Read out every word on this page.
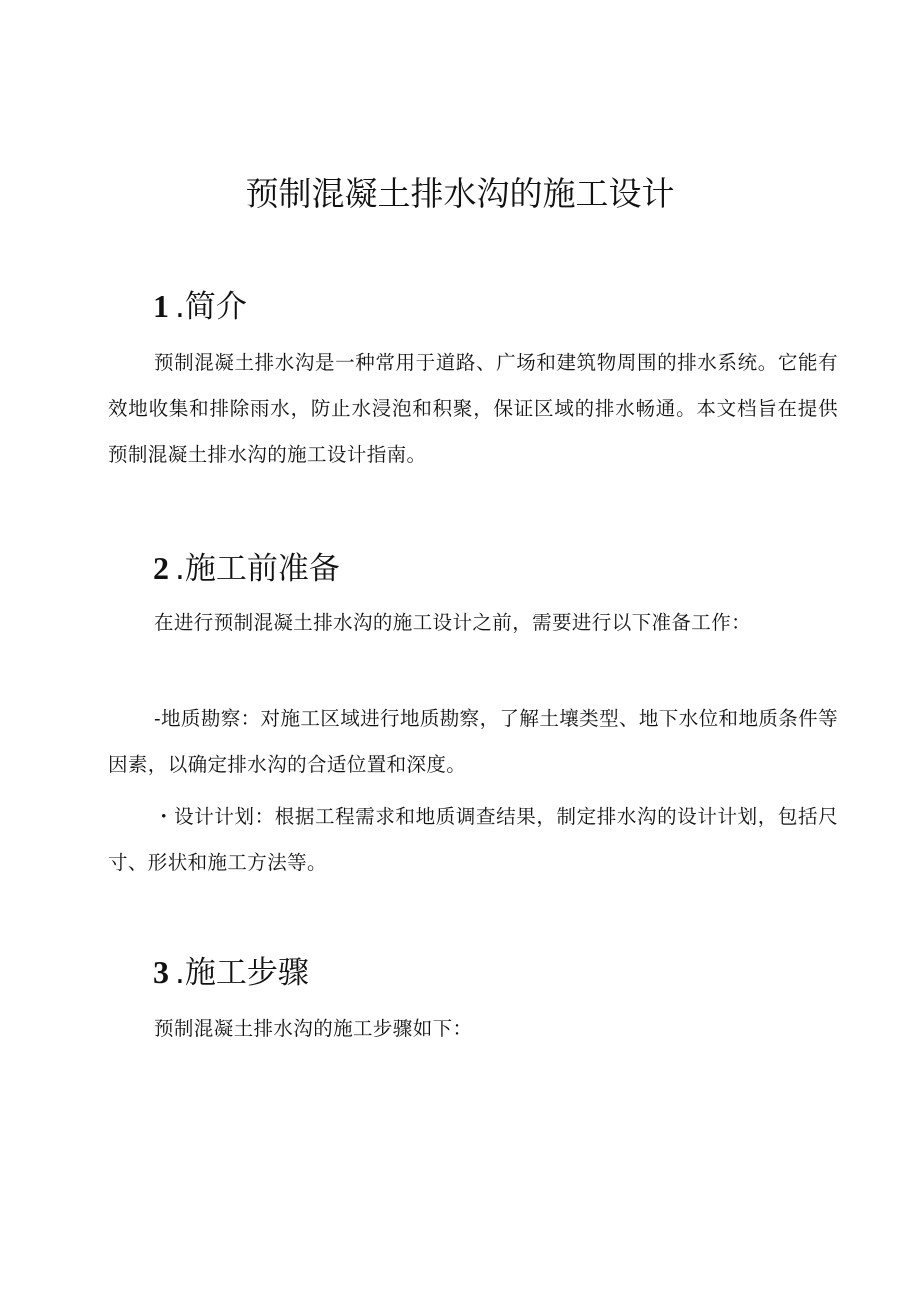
预制混凝土排水沟的施工设计
1 .简介

预制混凝土排水沟是一种常用于道路、广场和建筑物周围的排水系统。它能有效地收集和排除雨水，防止水浸泡和积聚，保证区域的排水畅通。本文档旨在提供预制混凝土排水沟的施工设计指南。

2 .施工前准备

在进行预制混凝土排水沟的施工设计之前，需要进行以下准备工作：

-地质勘察：对施工区域进行地质勘察，了解土壤类型、地下水位和地质条件等因素，以确定排水沟的合适位置和深度。

・设计计划：根据工程需求和地质调查结果，制定排水沟的设计计划，包括尺寸、形状和施工方法等。

3 .施工步骤

预制混凝土排水沟的施工步骤如下：
